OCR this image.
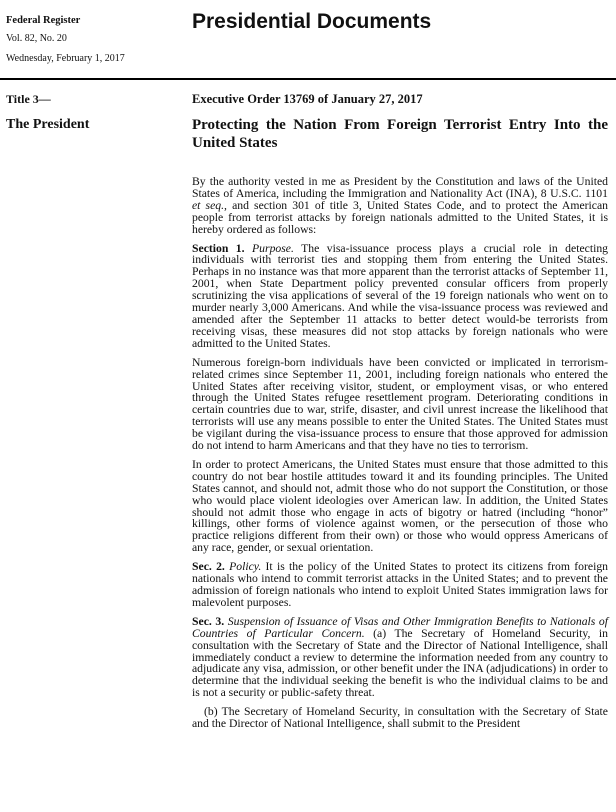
Federal Register
Vol. 82, No. 20
Wednesday, February 1, 2017
Presidential Documents
Title 3—
The President
Executive Order 13769 of January 27, 2017
Protecting the Nation From Foreign Terrorist Entry Into the United States

By the authority vested in me as President by the Constitution and laws of the United States of America, including the Immigration and Nationality Act (INA), 8 U.S.C. 1101 et seq., and section 301 of title 3, United States Code, and to protect the American people from terrorist attacks by foreign nationals admitted to the United States, it is hereby ordered as follows:

Section 1. Purpose. The visa-issuance process plays a crucial role in detecting individuals with terrorist ties and stopping them from entering the United States. Perhaps in no instance was that more apparent than the terrorist attacks of September 11, 2001, when State Department policy prevented consular officers from properly scrutinizing the visa applications of several of the 19 foreign nationals who went on to murder nearly 3,000 Americans. And while the visa-issuance process was reviewed and amended after the September 11 attacks to better detect would-be terrorists from receiving visas, these measures did not stop attacks by foreign nationals who were admitted to the United States.

Numerous foreign-born individuals have been convicted or implicated in terrorism-related crimes since September 11, 2001, including foreign nationals who entered the United States after receiving visitor, student, or employment visas, or who entered through the United States refugee resettlement program. Deteriorating conditions in certain countries due to war, strife, disaster, and civil unrest increase the likelihood that terrorists will use any means possible to enter the United States. The United States must be vigilant during the visa-issuance process to ensure that those approved for admission do not intend to harm Americans and that they have no ties to terrorism.

In order to protect Americans, the United States must ensure that those admitted to this country do not bear hostile attitudes toward it and its founding principles. The United States cannot, and should not, admit those who do not support the Constitution, or those who would place violent ideologies over American law. In addition, the United States should not admit those who engage in acts of bigotry or hatred (including “honor” killings, other forms of violence against women, or the persecution of those who practice religions different from their own) or those who would oppress Americans of any race, gender, or sexual orientation.

Sec. 2. Policy. It is the policy of the United States to protect its citizens from foreign nationals who intend to commit terrorist attacks in the United States; and to prevent the admission of foreign nationals who intend to exploit United States immigration laws for malevolent purposes.

Sec. 3. Suspension of Issuance of Visas and Other Immigration Benefits to Nationals of Countries of Particular Concern. (a) The Secretary of Homeland Security, in consultation with the Secretary of State and the Director of National Intelligence, shall immediately conduct a review to determine the information needed from any country to adjudicate any visa, admission, or other benefit under the INA (adjudications) in order to determine that the individual seeking the benefit is who the individual claims to be and is not a security or public-safety threat.

(b) The Secretary of Homeland Security, in consultation with the Secretary of State and the Director of National Intelligence, shall submit to the President
